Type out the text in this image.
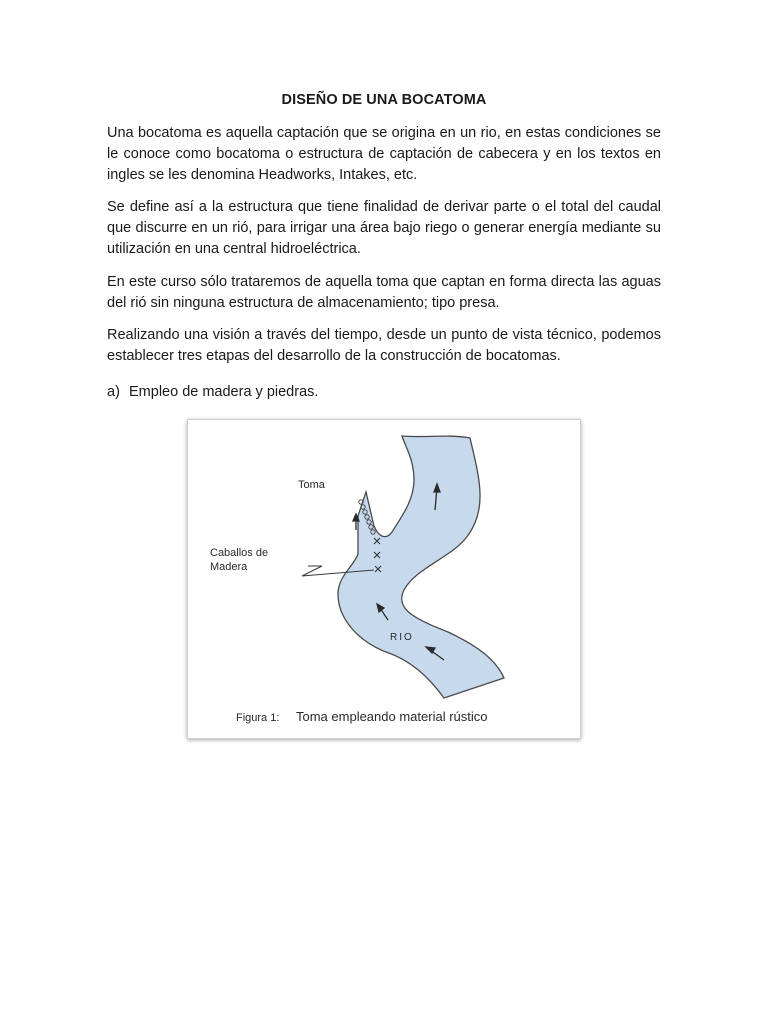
DISEÑO DE UNA BOCATOMA

Una bocatoma es aquella captación que se origina en un rio, en estas condiciones se le conoce como bocatoma o estructura de captación de cabecera y en los textos en ingles se les denomina Headworks, Intakes, etc.

Se define así a la estructura que tiene finalidad de derivar parte o el total del caudal que discurre en un rió, para irrigar una área bajo riego o generar energía mediante su utilización en una central hidroeléctrica.

En este curso sólo trataremos de aquella toma que captan en forma directa las aguas del rió sin ninguna estructura de almacenamiento; tipo presa.

Realizando una visión a través del tiempo, desde un punto de vista técnico, podemos establecer tres etapas del desarrollo de la construcción de bocatomas.

a) Empleo de madera y piedras.
Toma
Caballos de
Madera
RIO
Figura 1: Toma empleando material rústico
